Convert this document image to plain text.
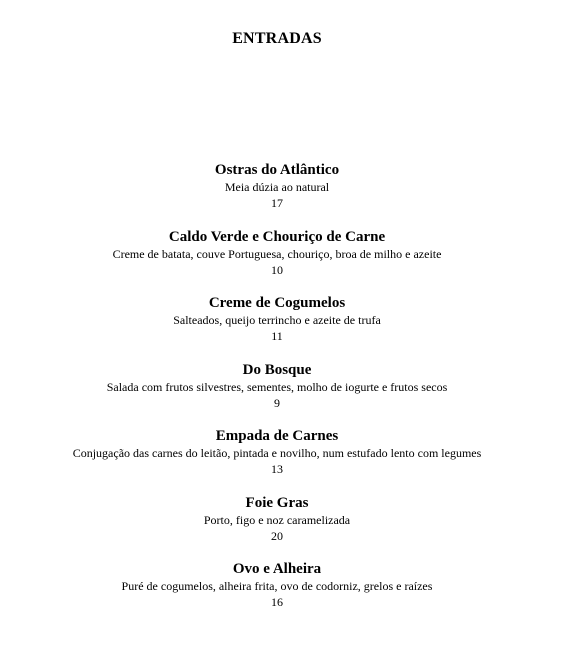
ENTRADAS
Ostras do Atlântico
Meia dúzia ao natural
17
Caldo Verde e Chouriço de Carne
Creme de batata, couve Portuguesa, chouriço, broa de milho e azeite
10
Creme de Cogumelos
Salteados, queijo terrincho e azeite de trufa
11
Do Bosque
Salada com frutos silvestres, sementes, molho de iogurte e frutos secos
9
Empada de Carnes
Conjugação das carnes do leitão, pintada e novilho, num estufado lento com legumes
13
Foie Gras
Porto, figo e noz caramelizada
20
Ovo e Alheira
Puré de cogumelos, alheira frita, ovo de codorniz, grelos e raízes
16
